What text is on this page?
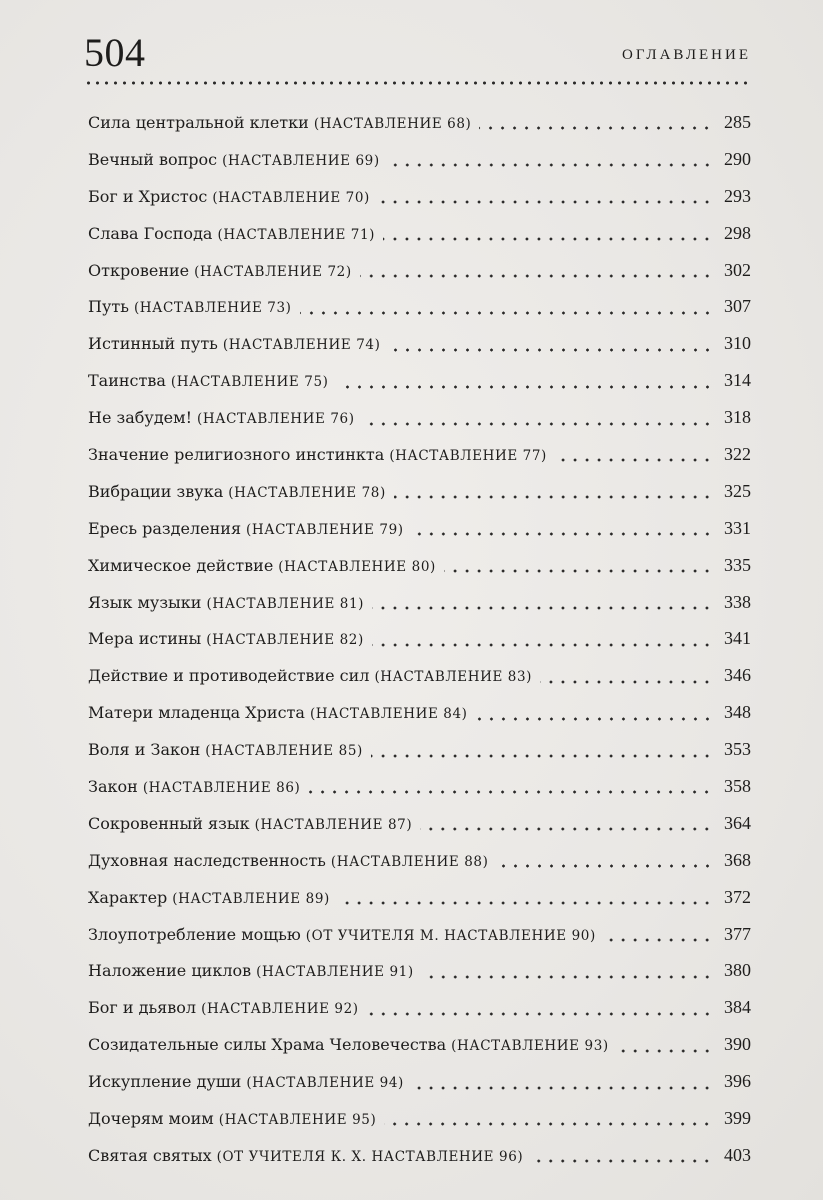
504	ОГЛАВЛЕНИЕ
Сила центральной клетки (НАСТАВЛЕНИЕ 68)	285
Вечный вопрос (НАСТАВЛЕНИЕ 69)	290
Бог и Христос (НАСТАВЛЕНИЕ 70)	293
Слава Господа (НАСТАВЛЕНИЕ 71)	298
Откровение (НАСТАВЛЕНИЕ 72)	302
Путь (НАСТАВЛЕНИЕ 73)	307
Истинный путь (НАСТАВЛЕНИЕ 74)	310
Таинства (НАСТАВЛЕНИЕ 75)	314
Не забудем! (НАСТАВЛЕНИЕ 76)	318
Значение религиозного инстинкта (НАСТАВЛЕНИЕ 77)	322
Вибрации звука (НАСТАВЛЕНИЕ 78)	325
Ересь разделения (НАСТАВЛЕНИЕ 79)	331
Химическое действие (НАСТАВЛЕНИЕ 80)	335
Язык музыки (НАСТАВЛЕНИЕ 81)	338
Мера истины (НАСТАВЛЕНИЕ 82)	341
Действие и противодействие сил (НАСТАВЛЕНИЕ 83)	346
Матери младенца Христа (НАСТАВЛЕНИЕ 84)	348
Воля и Закон (НАСТАВЛЕНИЕ 85)	353
Закон (НАСТАВЛЕНИЕ 86)	358
Сокровенный язык (НАСТАВЛЕНИЕ 87)	364
Духовная наследственность (НАСТАВЛЕНИЕ 88)	368
Характер (НАСТАВЛЕНИЕ 89)	372
Злоупотребление мощью (ОТ УЧИТЕЛЯ М. НАСТАВЛЕНИЕ 90)	377
Наложение циклов (НАСТАВЛЕНИЕ 91)	380
Бог и дьявол (НАСТАВЛЕНИЕ 92)	384
Созидательные силы Храма Человечества (НАСТАВЛЕНИЕ 93)	390
Искупление души (НАСТАВЛЕНИЕ 94)	396
Дочерям моим (НАСТАВЛЕНИЕ 95)	399
Святая святых (ОТ УЧИТЕЛЯ К. Х. НАСТАВЛЕНИЕ 96)	403
